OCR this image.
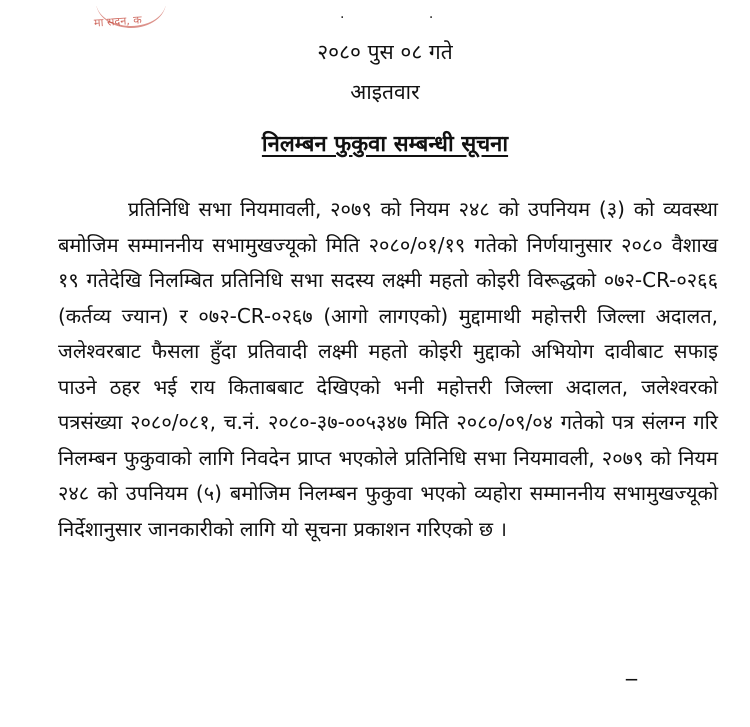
मा सदन, क	· ·
२०८० पुस ०८ गते
आइतवार
निलम्बन फुकुवा सम्बन्धी सूचना

प्रतिनिधि सभा नियमावली, २०७९ को नियम २४८ को उपनियम (३) को व्यवस्था बमोजिम सम्माननीय सभामुखज्यूको मिति २०८०/०१/१९ गतेको निर्णयानुसार २०८० वैशाख १९ गतेदेखि निलम्बित प्रतिनिधि सभा सदस्य लक्ष्मी महतो कोइरी विरूद्धको ०७२-CR-०२६६ (कर्तव्य ज्यान) र ०७२-CR-०२६७ (आगो लागएको) मुद्दामाथी महोत्तरी जिल्ला अदालत, जलेश्वरबाट फैसला हुँदा प्रतिवादी लक्ष्मी महतो कोइरी मुद्दाको अभियोग दावीबाट सफाइ पाउने ठहर भई राय किताबबाट देखिएको भनी महोत्तरी जिल्ला अदालत, जलेश्वरको पत्रसंख्या २०८०/०८१, च.नं. २०८०-३७-००५३४७ मिति २०८०/०९/०४ गतेको पत्र संलग्न गरि निलम्बन फुकुवाको लागि निवदेन प्राप्त भएकोले प्रतिनिधि सभा नियमावली, २०७९ को नियम २४८ को उपनियम (५) बमोजिम निलम्बन फुकुवा भएको व्यहोरा सम्माननीय सभामुखज्यूको निर्देशानुसार जानकारीको लागि यो सूचना प्रकाशन गरिएको छ ।

_
